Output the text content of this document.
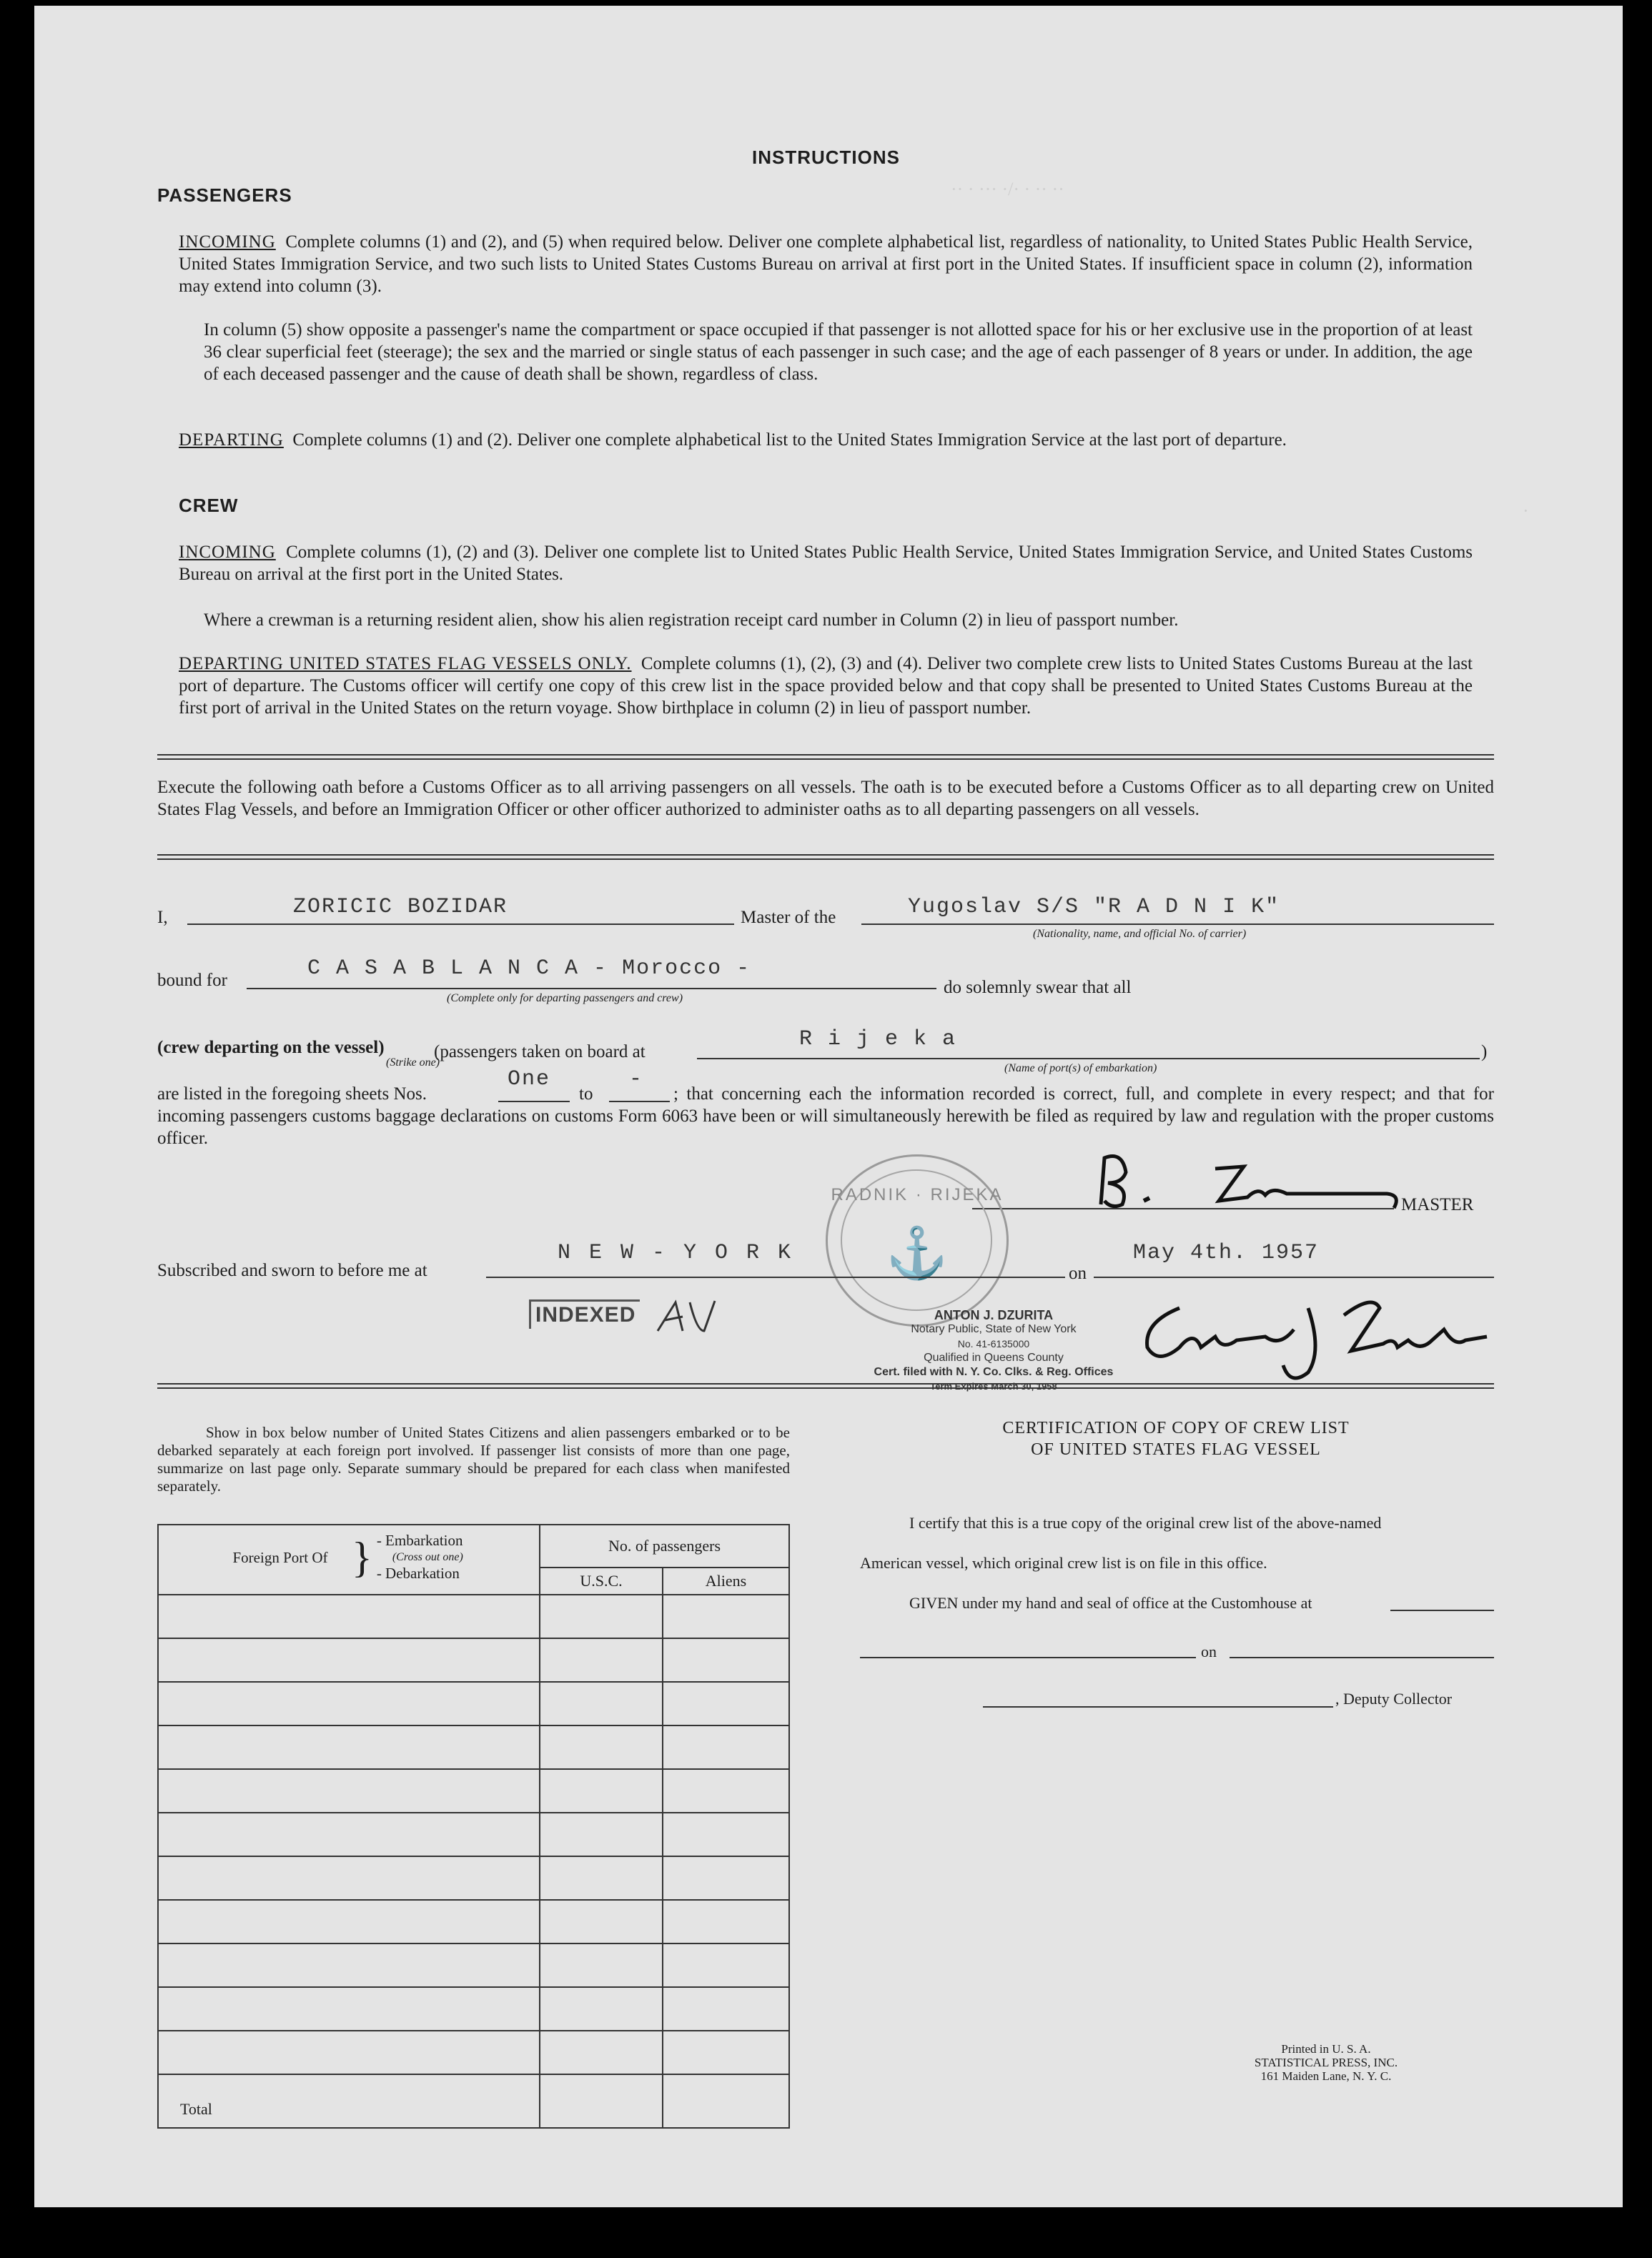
·· · ··· ·/· · ·· ··
·
INSTRUCTIONS
PASSENGERS
INCOMING Complete columns (1) and (2), and (5) when required below. Deliver one complete alphabetical list, regardless of nationality, to United States Public Health Service, United States Immigration Service, and two such lists to United States Customs Bureau on arrival at first port in the United States. If insufficient space in column (2), information may extend into column (3).
In column (5) show opposite a passenger's name the compartment or space occupied if that passenger is not allotted space for his or her exclusive use in the proportion of at least 36 clear superficial feet (steerage); the sex and the married or single status of each passenger in such case; and the age of each passenger of 8 years or under. In addition, the age of each deceased passenger and the cause of death shall be shown, regardless of class.
DEPARTING Complete columns (1) and (2). Deliver one complete alphabetical list to the United States Immigration Service at the last port of departure.
CREW
INCOMING Complete columns (1), (2) and (3). Deliver one complete list to United States Public Health Service, United States Immigration Service, and United States Customs Bureau on arrival at the first port in the United States.
Where a crewman is a returning resident alien, show his alien registration receipt card number in Column (2) in lieu of passport number.
DEPARTING UNITED STATES FLAG VESSELS ONLY. Complete columns (1), (2), (3) and (4). Deliver two complete crew lists to United States Customs Bureau at the last port of departure. The Customs officer will certify one copy of this crew list in the space provided below and that copy shall be presented to United States Customs Bureau at the first port of arrival in the United States on the return voyage. Show birthplace in column (2) in lieu of passport number.
Execute the following oath before a Customs Officer as to all arriving passengers on all vessels. The oath is to be executed before a Customs Officer as to all departing crew on United States Flag Vessels, and before an Immigration Officer or other officer authorized to administer oaths as to all departing passengers on all vessels.
I,	ZORICIC BOZIDAR	Master of the	Yugoslav S/S "R A D N I K"
(Nationality, name, and official No. of carrier)
bound for	C A S A B L A N C A - Morocco -
(Complete only for departing passengers and crew)
do solemnly swear that all
(crew departing on the vessel)
(Strike one)
(passengers taken on board at
R i j e k a
)
(Name of port(s) of embarkation)
are listed in the foregoing sheets Nos.
One
to
-
; that concerning each the information recorded is correct, full, and complete in every respect; and that for incoming passengers customs baggage declarations on customs Form 6063 have been or will simultaneously herewith be filed as required by law and regulation with the proper customs officer.
MASTER
RADNIK · RIJEKA
⚓
Subscribed and sworn to before me at
N E W - Y O R K
on
May 4th. 1957
INDEXED	ANTON J. DZURITA
Notary Public, State of New York
No. 41-6135000
Qualified in Queens County
Cert. filed with N. Y. Co. Clks. & Reg. Offices
Term Expires March 30, 1958
Show in box below number of United States Citizens and alien passengers embarked or to be debarked separately at each foreign port involved. If passenger list consists of more than one page, summarize on last page only. Separate summary should be prepared for each class when manifested separately.
Foreign Port Of } - Embarkation
(Cross out one)
- Debarkation	No. of passengers	
	U.S.C.	Aliens

Total		
CERTIFICATION OF COPY OF CREW LIST
OF UNITED STATES FLAG VESSEL
I certify that this is a true copy of the original crew list of the above-named
American vessel, which original crew list is on file in this office.
GIVEN under my hand and seal of office at the Customhouse at
on
, Deputy Collector
Printed in U. S. A.
STATISTICAL PRESS, INC.
161 Maiden Lane, N. Y. C.
